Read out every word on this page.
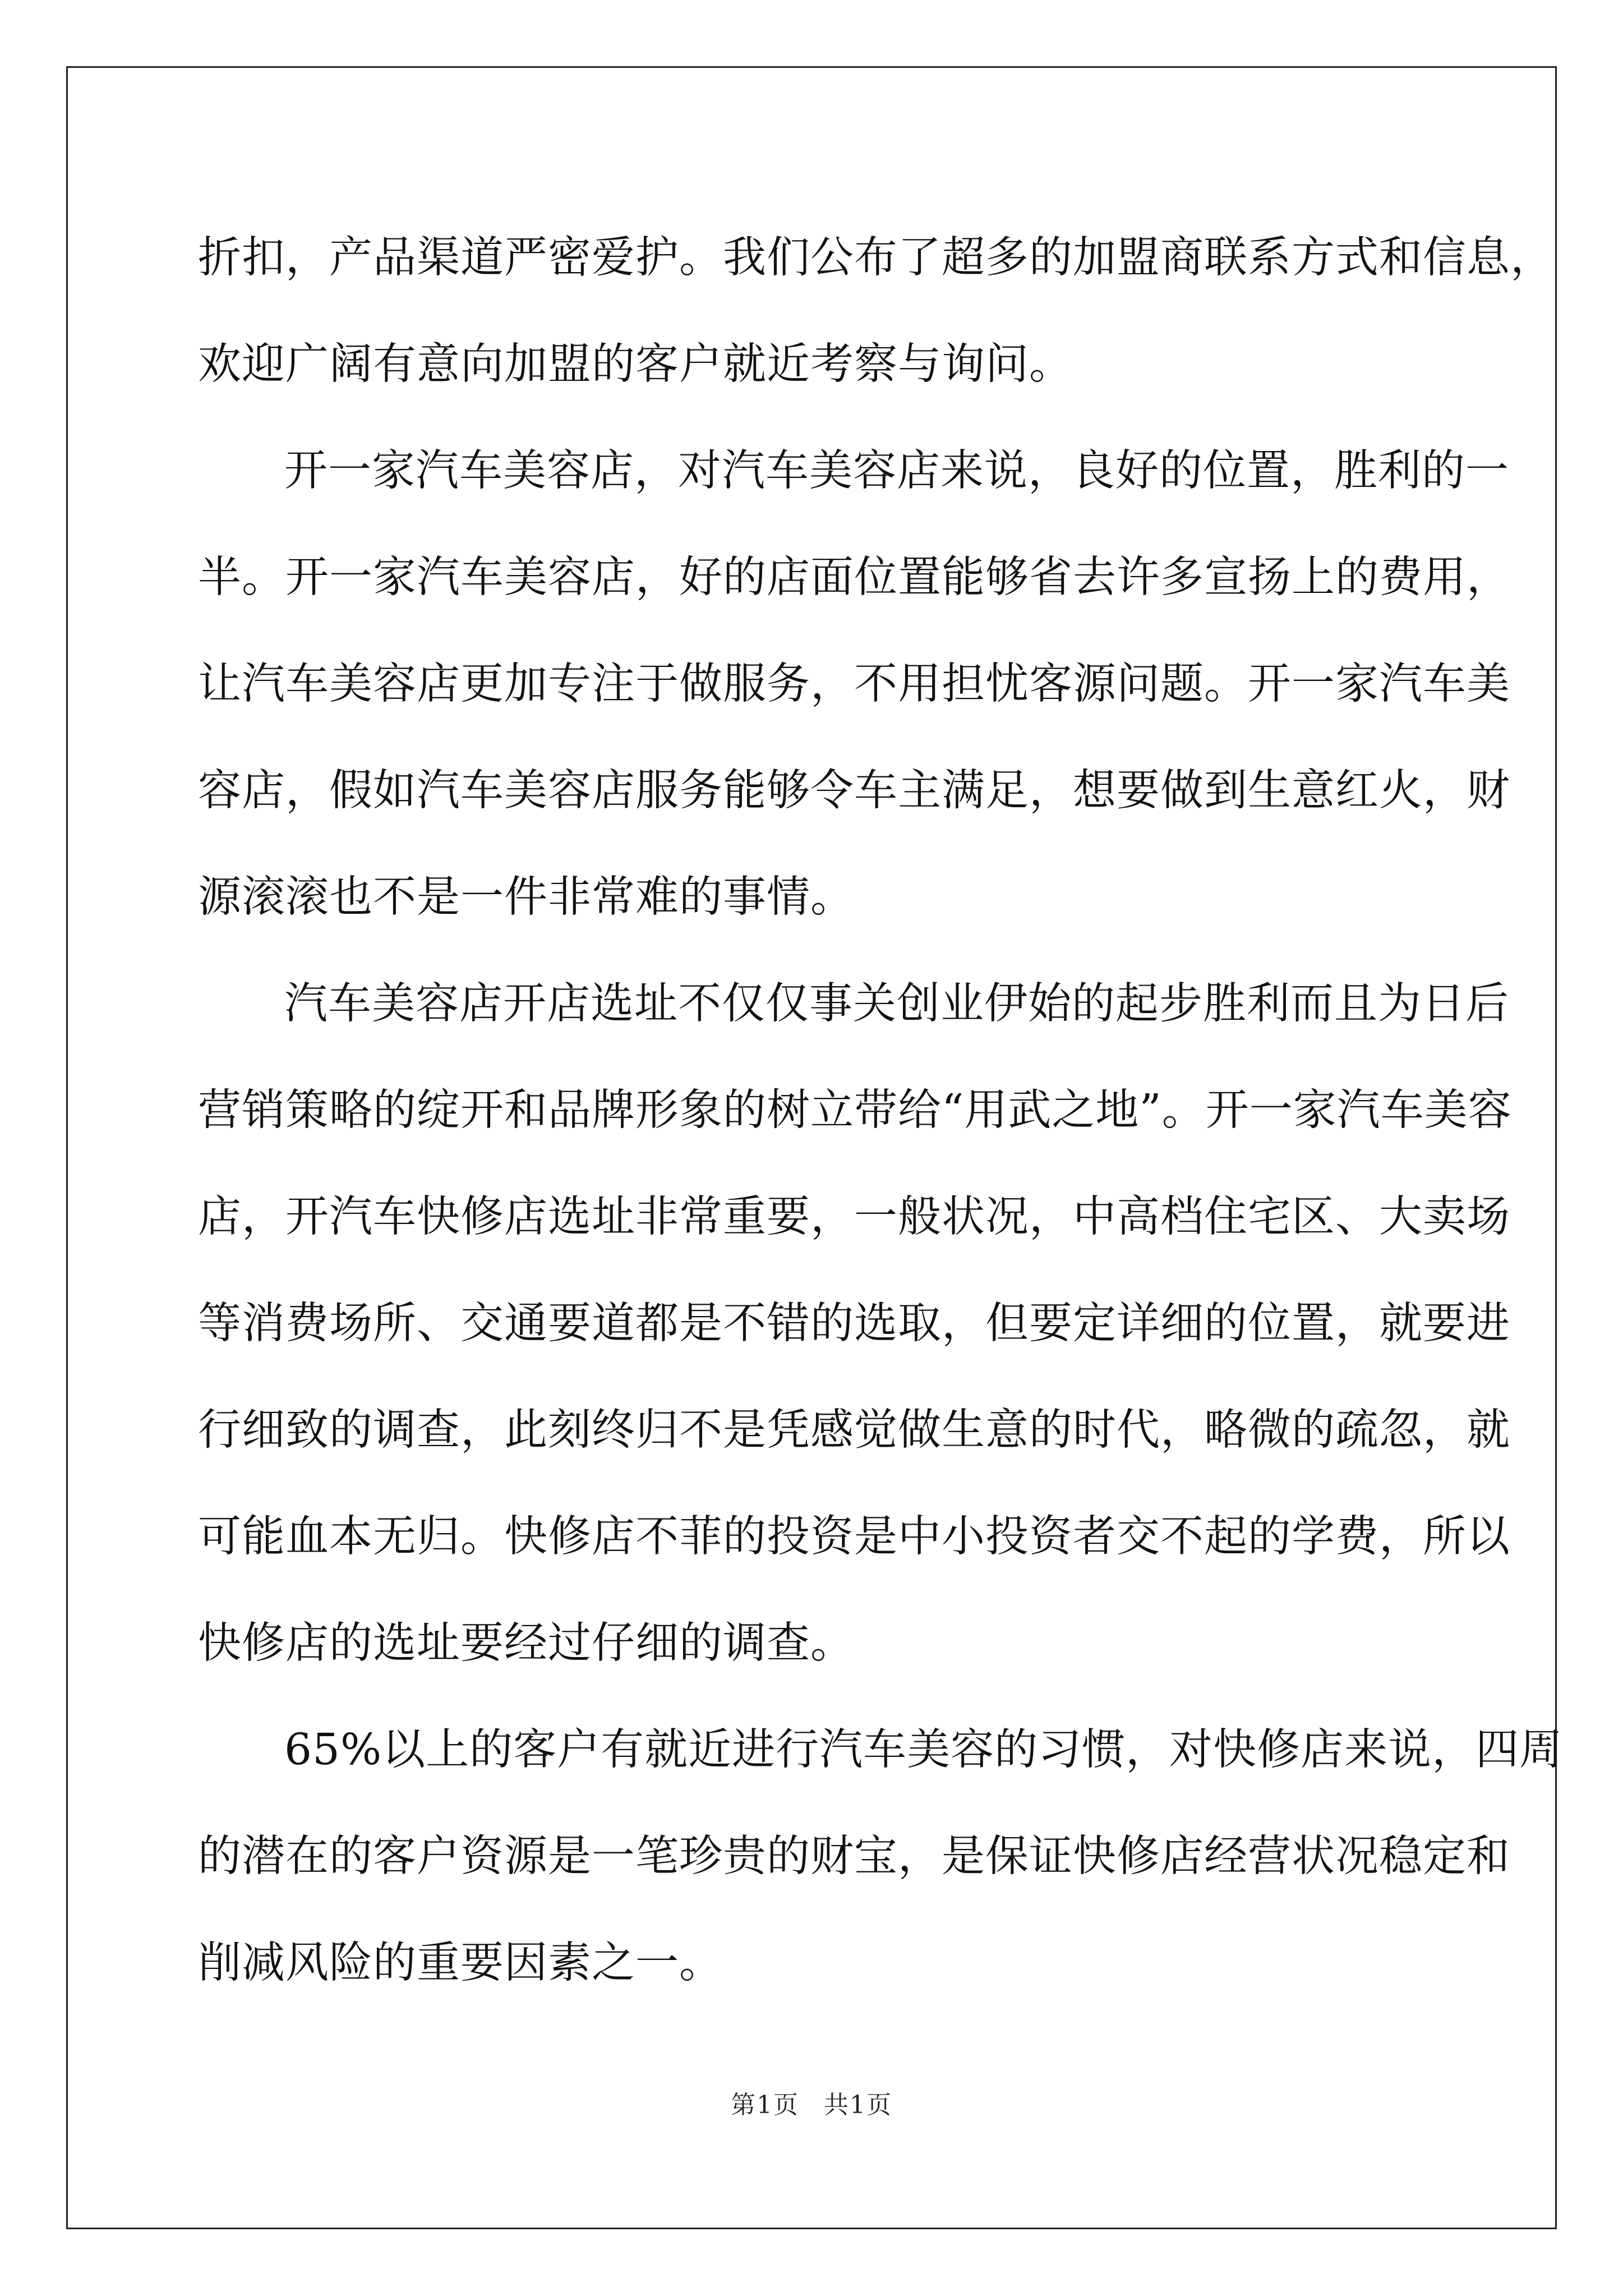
折扣，产品渠道严密爱护。我们公布了超多的加盟商联系方式和信息，
欢迎广阔有意向加盟的客户就近考察与询问。

开一家汽车美容店，对汽车美容店来说，良好的位置，胜利的一
半。开一家汽车美容店，好的店面位置能够省去许多宣扬上的费用，
让汽车美容店更加专注于做服务，不用担忧客源问题。开一家汽车美
容店，假如汽车美容店服务能够令车主满足，想要做到生意红火，财
源滚滚也不是一件非常难的事情。

汽车美容店开店选址不仅仅事关创业伊始的起步胜利而且为日后
营销策略的绽开和品牌形象的树立带给“用武之地”。开一家汽车美容
店，开汽车快修店选址非常重要，一般状况，中高档住宅区、大卖场
等消费场所、交通要道都是不错的选取，但要定详细的位置，就要进
行细致的调查，此刻终归不是凭感觉做生意的时代，略微的疏忽，就
可能血本无归。快修店不菲的投资是中小投资者交不起的学费，所以
快修店的选址要经过仔细的调查。

65%以上的客户有就近进行汽车美容的习惯，对快修店来说，四周
的潜在的客户资源是一笔珍贵的财宝，是保证快修店经营状况稳定和
削减风险的重要因素之一。

第1页 共1页
